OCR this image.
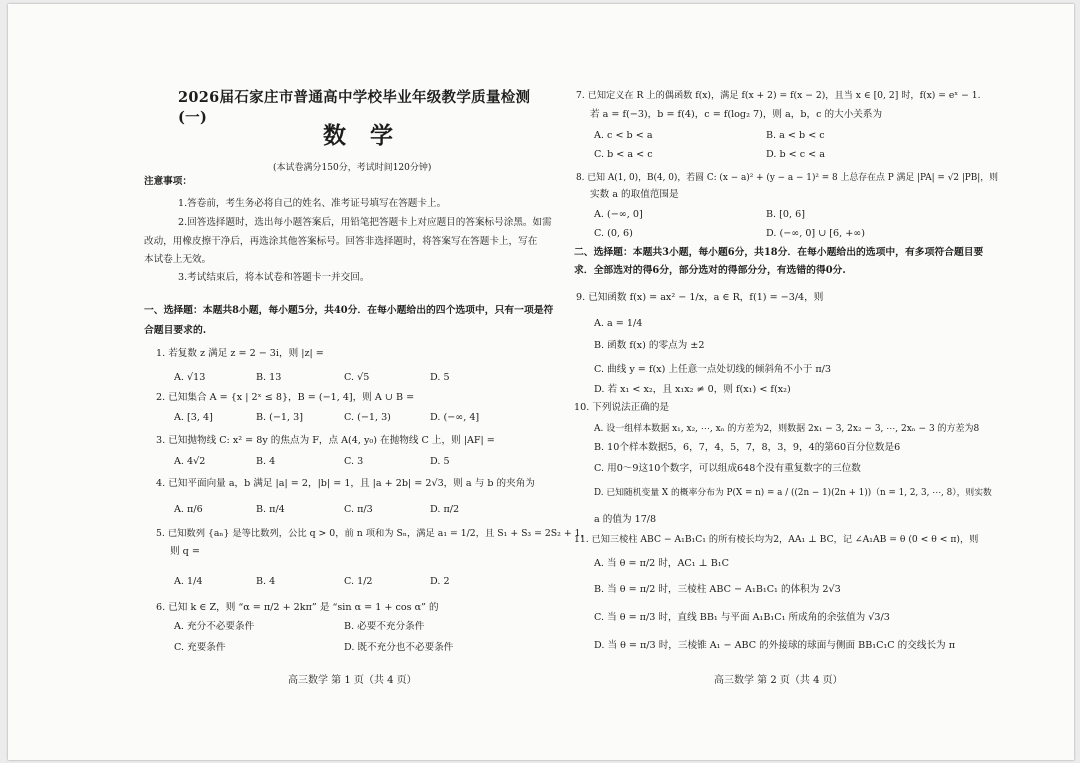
2026届石家庄市普通高中学校毕业年级教学质量检测(一)
数 学
(本试卷满分150分，考试时间120分钟)
注意事项：
1.答卷前，考生务必将自己的姓名、准考证号填写在答题卡上。
2.回答选择题时，选出每小题答案后，用铅笔把答题卡上对应题目的答案标号涂黑。如需
改动，用橡皮擦干净后，再选涂其他答案标号。回答非选择题时，将答案写在答题卡上，写在
本试卷上无效。
3.考试结束后，将本试卷和答题卡一并交回。
一、选择题：本题共8小题，每小题5分，共40分．在每小题给出的四个选项中，只有一项是符
合题目要求的.
1. 若复数 z 满足 z = 2 − 3i，则 |z| =
A. √13	B. 13	C. √5	D. 5
2. 已知集合 A = {x | 2ˣ ≤ 8}，B = (−1, 4]，则 A ∪ B =
A. [3, 4]	B. (−1, 3]	C. (−1, 3)	D. (−∞, 4]
3. 已知抛物线 C: x² = 8y 的焦点为 F，点 A(4, y₀) 在抛物线 C 上，则 |AF| =
A. 4√2	B. 4	C. 3	D. 5
4. 已知平面向量 a，b 满足 |a| = 2，|b| = 1，且 |a + 2b| = 2√3，则 a 与 b 的夹角为
A. π/6	B. π/4	C. π/3	D. π/2
5. 已知数列 {aₙ} 是等比数列，公比 q > 0，前 n 项和为 Sₙ，满足 a₁ = 1/2，且 S₁ + S₃ = 2S₂ + 1，
则 q =
A. 1/4	B. 4	C. 1/2	D. 2
6. 已知 k ∈ Z，则 “α = π/2 + 2kπ” 是 “sin α = 1 + cos α” 的
A. 充分不必要条件	B. 必要不充分条件
C. 充要条件	D. 既不充分也不必要条件
高三数学 第 1 页（共 4 页）
7. 已知定义在 R 上的偶函数 f(x)，满足 f(x + 2) = f(x − 2)，且当 x ∈ [0, 2] 时，f(x) = eˣ − 1.
若 a = f(−3)，b = f(4)，c = f(log₂ 7)，则 a，b，c 的大小关系为
A. c < b < a	B. a < b < c
C. b < a < c	D. b < c < a
8. 已知 A(1, 0)，B(4, 0)，若圆 C: (x − a)² + (y − a − 1)² = 8 上总存在点 P 满足 |PA| = √2 |PB|，则
实数 a 的取值范围是
A. (−∞, 0]	B. [0, 6]
C. (0, 6)	D. (−∞, 0] ∪ [6, +∞)
二、选择题：本题共3小题，每小题6分，共18分．在每小题给出的选项中，有多项符合题目要
求．全部选对的得6分，部分选对的得部分分，有选错的得0分.
9. 已知函数 f(x) = ax² − 1/x，a ∈ R，f(1) = −3/4，则
A. a = 1/4
B. 函数 f(x) 的零点为 ±2
C. 曲线 y = f(x) 上任意一点处切线的倾斜角不小于 π/3
D. 若 x₁ < x₂，且 x₁x₂ ≠ 0，则 f(x₁) < f(x₂)
10. 下列说法正确的是
A. 设一组样本数据 x₁, x₂, ⋯, xₙ 的方差为2，则数据 2x₁ − 3, 2x₂ − 3, ⋯, 2xₙ − 3 的方差为8
B. 10个样本数据5，6，7，4，5，7，8，3，9，4的第60百分位数是6
C. 用0～9这10个数字，可以组成648个没有重复数字的三位数
D. 已知随机变量 X 的概率分布为 P(X = n) = a / ((2n − 1)(2n + 1))（n = 1, 2, 3, ⋯, 8），则实数
a 的值为 17/8
11. 已知三棱柱 ABC − A₁B₁C₁ 的所有棱长均为2，AA₁ ⊥ BC，记 ∠A₁AB = θ (0 < θ < π)，则
A. 当 θ = π/2 时，AC₁ ⊥ B₁C
B. 当 θ = π/2 时，三棱柱 ABC − A₁B₁C₁ 的体积为 2√3
C. 当 θ = π/3 时，直线 BB₁ 与平面 A₁B₁C₁ 所成角的余弦值为 √3/3
D. 当 θ = π/3 时，三棱锥 A₁ − ABC 的外接球的球面与侧面 BB₁C₁C 的交线长为 π
高三数学 第 2 页（共 4 页）
